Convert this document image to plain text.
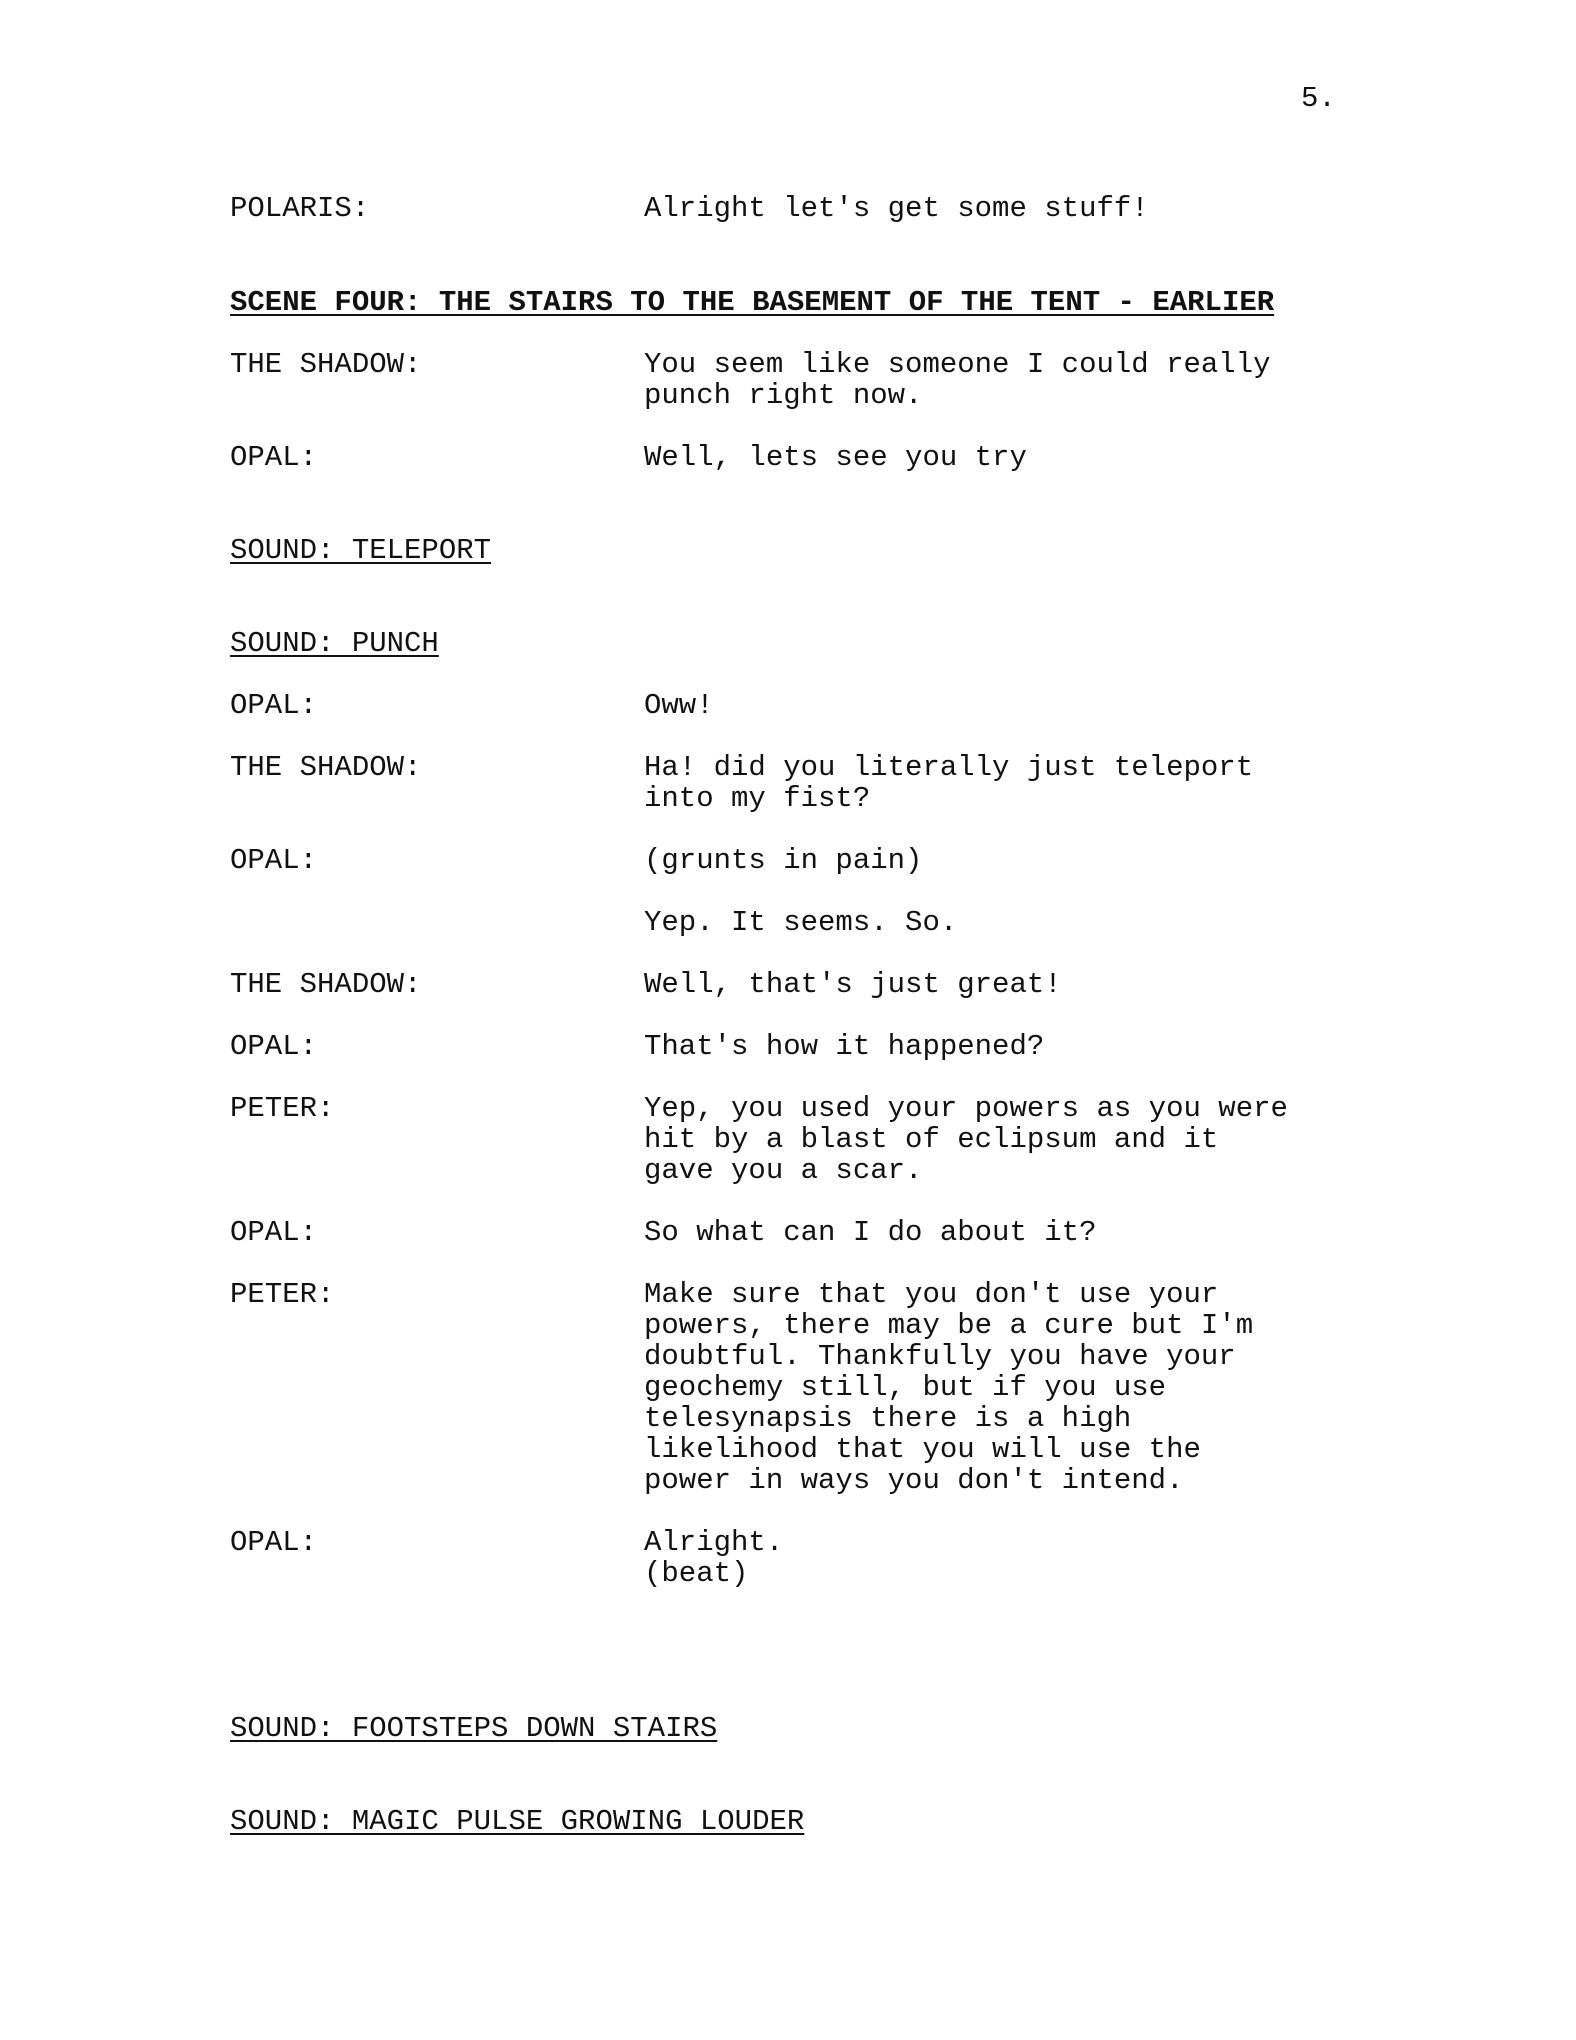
5.
POLARIS:	Alright let's get some stuff!
SCENE FOUR: THE STAIRS TO THE BASEMENT OF THE TENT - EARLIER
THE SHADOW:	You seem like someone I could really
punch right now.
OPAL:	Well, lets see you try
SOUND: TELEPORT
SOUND: PUNCH
OPAL:	Oww!
THE SHADOW:	Ha! did you literally just teleport
into my fist?
OPAL:	(grunts in pain)
Yep. It seems. So.
THE SHADOW:	Well, that's just great!
OPAL:	That's how it happened?
PETER:	Yep, you used your powers as you were
hit by a blast of eclipsum and it
gave you a scar.
OPAL:	So what can I do about it?
PETER:	Make sure that you don't use your
powers, there may be a cure but I'm
doubtful. Thankfully you have your
geochemy still, but if you use
telesynapsis there is a high
likelihood that you will use the
power in ways you don't intend.
OPAL:	Alright.
(beat)
SOUND: FOOTSTEPS DOWN STAIRS
SOUND: MAGIC PULSE GROWING LOUDER
